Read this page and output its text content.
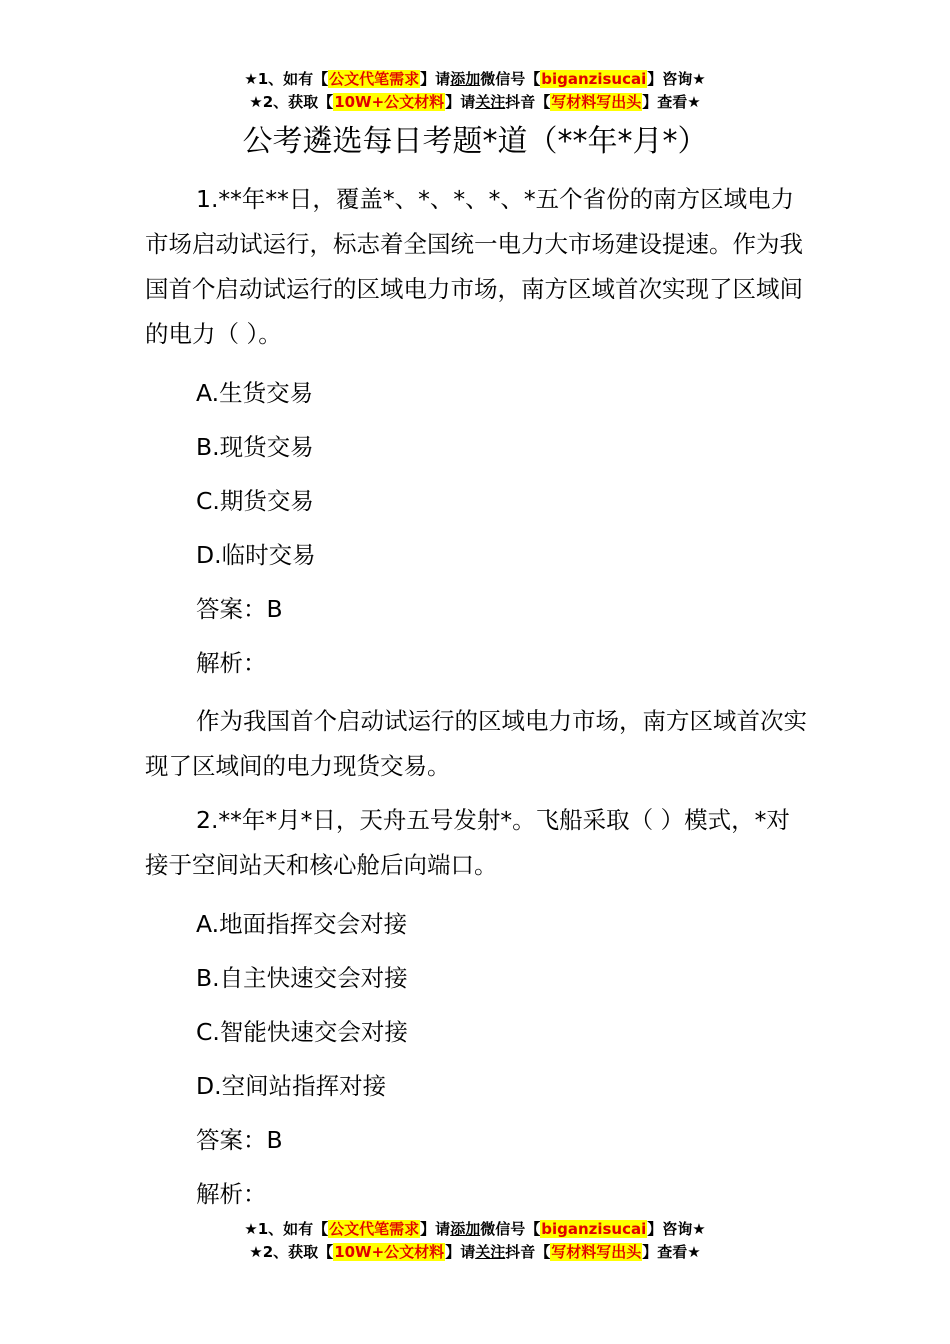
★1、如有【公文代笔需求】请添加微信号【biganzisucai】咨询★
★2、获取【10W+公文材料】请关注抖音【写材料写出头】查看★
公考遴选每日考题*道（**年*月*）

1.**年**日，覆盖*、*、*、*、*五个省份的南方区域电力市场启动试运行，标志着全国统一电力大市场建设提速。作为我国首个启动试运行的区域电力市场，南方区域首次实现了区域间的电力（ ）。

A.生货交易

B.现货交易

C.期货交易

D.临时交易

答案：B

解析：

作为我国首个启动试运行的区域电力市场，南方区域首次实现了区域间的电力现货交易。

2.**年*月*日，天舟五号发射*。飞船采取（ ）模式，*对接于空间站天和核心舱后向端口。

A.地面指挥交会对接

B.自主快速交会对接

C.智能快速交会对接

D.空间站指挥对接

答案：B

解析：

★1、如有【公文代笔需求】请添加微信号【biganzisucai】咨询★
★2、获取【10W+公文材料】请关注抖音【写材料写出头】查看★
